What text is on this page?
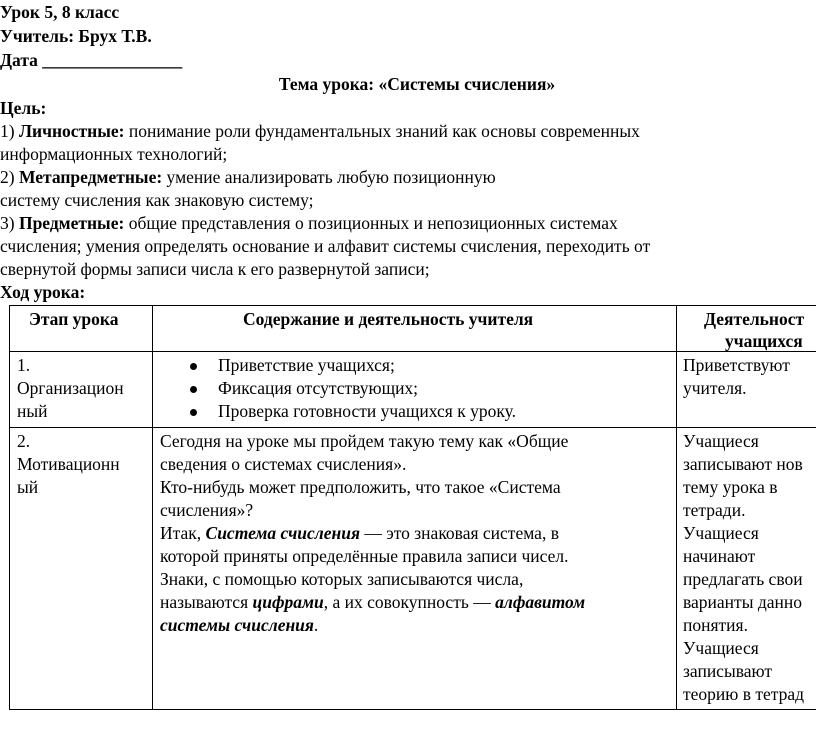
Урок 5, 8 класс
Учитель: Брух Т.В.
Дата ________________
Тема урока: «Системы счисления»
Цель:
1) Личностные: понимание роли фундаментальных знаний как основы современных
информационных технологий;
2) Метапредметные: умение анализировать любую позиционную
систему счисления как знаковую систему;
3) Предметные: общие представления о позиционных и непозиционных системах
счисления; умения определять основание и алфавит системы счисления, переходить от
свернутой формы записи числа к его развернутой записи;
Ход урока:
Этап урока	Содержание и деятельность учителя	Деятельност
учащихся
1.
Организацион
ный
Приветствие учащихся;
Фиксация отсутствующих;
Проверка готовности учащихся к уроку.
Приветствуют
учителя.
2.
Мотивационн
ый
Сегодня на уроке мы пройдем такую тему как «Общие
сведения о системах счисления».
Кто-нибудь может предположить, что такое «Система
счисления»?
Итак, Система счисления — это знаковая система, в
которой приняты определённые правила записи чисел.
Знаки, с помощью которых записываются числа,
называются цифрами, а их совокупность — алфавитом
системы счисления.
Учащиеся
записывают нов
тему урока в
тетради.
Учащиеся
начинают
предлагать свои
варианты данно
понятия.
Учащиеся
записывают
теорию в тетрад
